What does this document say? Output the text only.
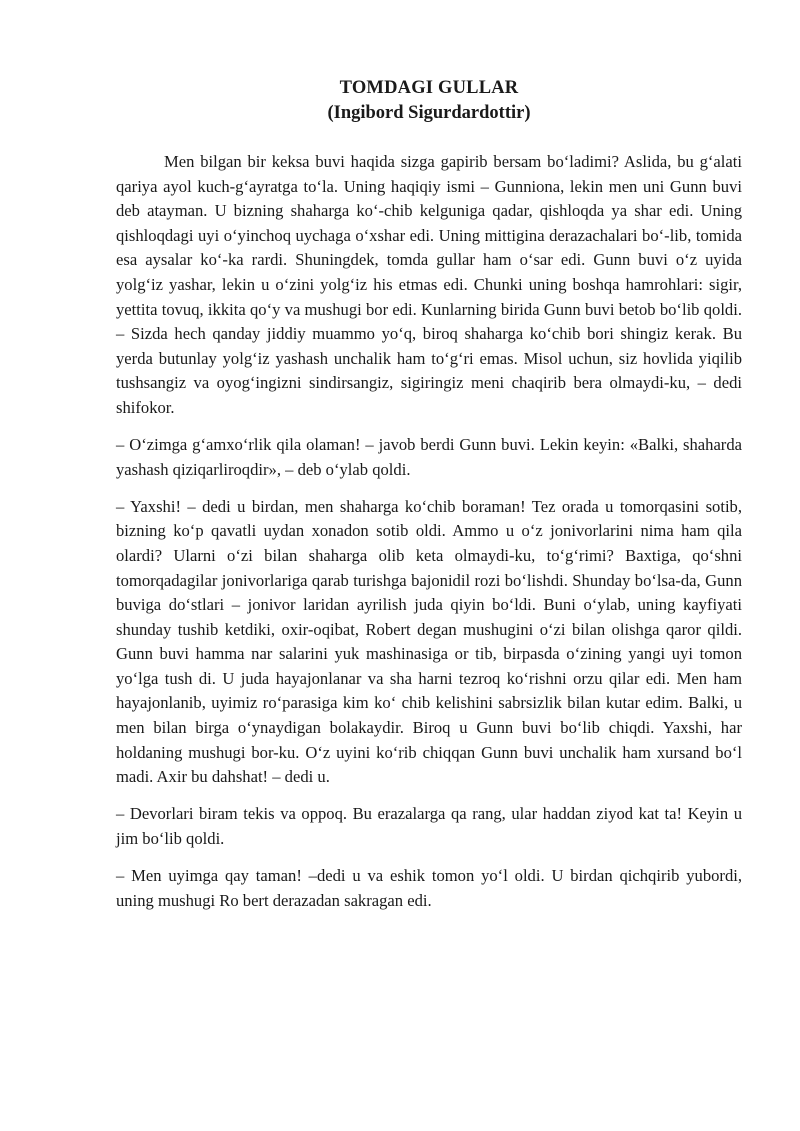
TOMDAGI GULLAR
(Ingibord Sigurdardottir)

Men bilgan bir keksa buvi haqida sizga gapirib bersam bo‘ladimi? Aslida, bu g‘alati qariya ayol kuch-g‘ayratga to‘la. Uning haqiqiy ismi – Gunniona, lekin men uni Gunn buvi deb atayman. U bizning shaharga ko‘-chib kelguniga qadar, qishloqda ya shar edi. Uning qishloqdagi uyi o‘yinchoq uychaga o‘xshar edi. Uning mittigina derazachalari bo‘-lib, tomida esa aysalar ko‘-ka rardi. Shuningdek, tomda gullar ham o‘sar edi. Gunn buvi o‘z uyida yolg‘iz yashar, lekin u o‘zini yolg‘iz his etmas edi. Chunki uning boshqa hamrohlari: sigir, yettita tovuq, ikkita qo‘y va mushugi bor edi. Kunlarning birida Gunn buvi betob bo‘lib qoldi. – Sizda hech qanday jiddiy muammo yo‘q, biroq shaharga ko‘chib bori shingiz kerak. Bu yerda butunlay yolg‘iz yashash unchalik ham to‘g‘ri emas. Misol uchun, siz hovlida yiqilib tushsangiz va oyog‘ingizni sindirsangiz, sigiringiz meni chaqirib bera olmaydi-ku, – dedi shifokor.

– O‘zimga g‘amxo‘rlik qila olaman! – javob berdi Gunn buvi. Lekin keyin: «Balki, shaharda yashash qiziqarliroqdir», – deb o‘ylab qoldi.

– Yaxshi! – dedi u birdan, men shaharga ko‘chib boraman! Tez orada u tomorqasini sotib, bizning ko‘p qavatli uydan xonadon sotib oldi. Ammo u o‘z jonivorlarini nima ham qila olardi? Ularni o‘zi bilan shaharga olib keta olmaydi-ku, to‘g‘rimi? Baxtiga, qo‘shni tomorqadagilar jonivorlariga qarab turishga bajonidil rozi bo‘lishdi. Shunday bo‘lsa-da, Gunn buviga do‘stlari – jonivor laridan ayrilish juda qiyin bo‘ldi. Buni o‘ylab, uning kayfiyati shunday tushib ketdiki, oxir-oqibat, Robert degan mushugini o‘zi bilan olishga qaror qildi. Gunn buvi hamma nar salarini yuk mashinasiga or tib, birpasda o‘zining yangi uyi tomon yo‘lga tush di. U juda hayajonlanar va sha harni tezroq ko‘rishni orzu qilar edi. Men ham hayajonlanib, uyimiz ro‘parasiga kim ko‘ chib kelishini sabrsizlik bilan kutar edim. Balki, u men bilan birga o‘ynaydigan bolakaydir. Biroq u Gunn buvi bo‘lib chiqdi. Yaxshi, har holdaning mushugi bor-ku. O‘z uyini ko‘rib chiqqan Gunn buvi unchalik ham xursand bo‘l madi. Axir bu dahshat! – dedi u.

– Devorlari biram tekis va oppoq. Bu erazalarga qa rang, ular haddan ziyod kat ta! Keyin u jim bo‘lib qoldi.

– Men uyimga qay taman! –dedi u va eshik tomon yo‘l oldi. U birdan qichqirib yubordi, uning mushugi Ro bert derazadan sakragan edi.
